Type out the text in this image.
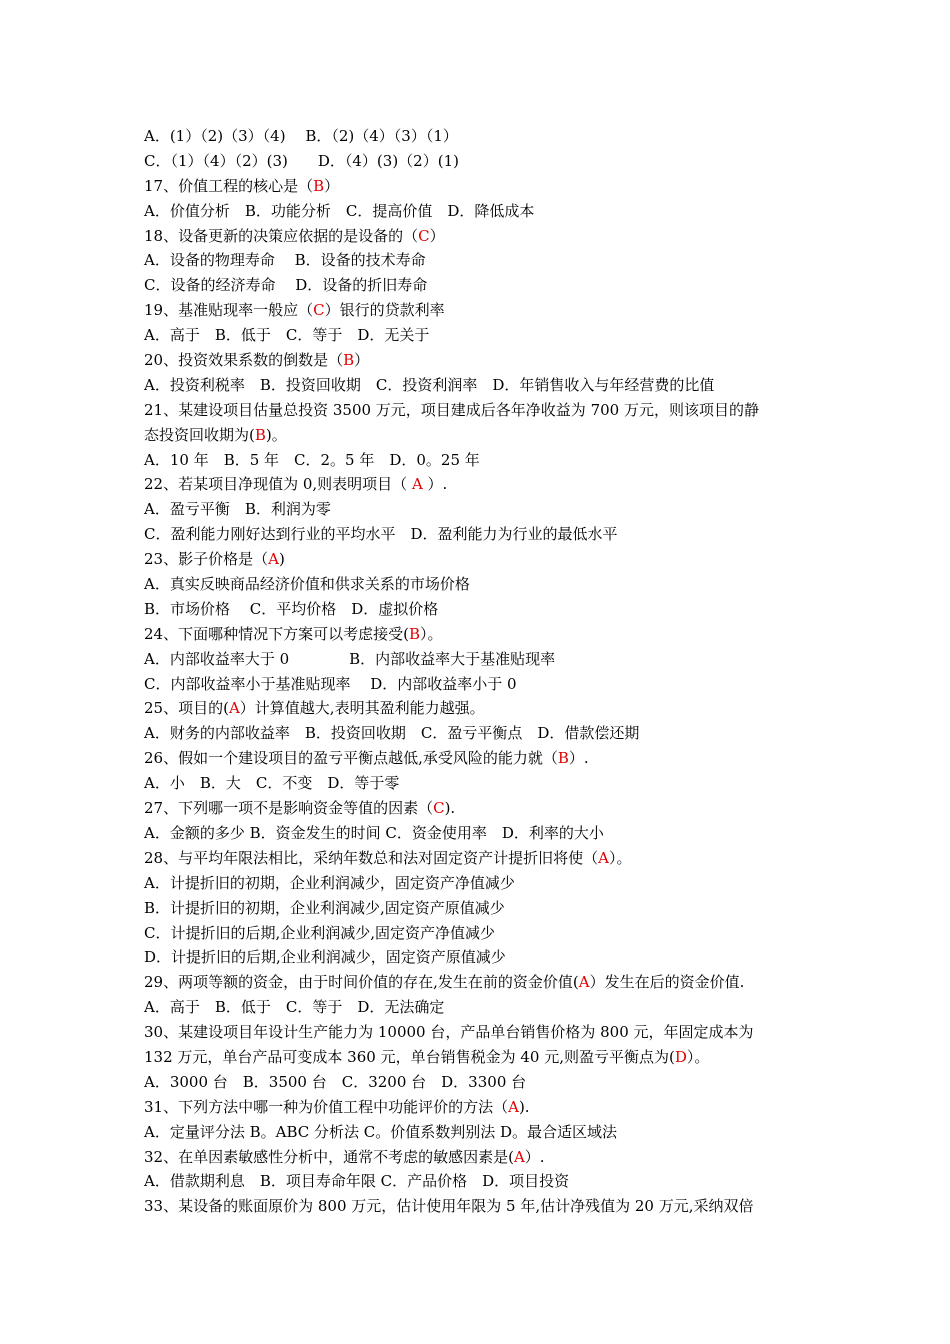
A．(1）（2)（3）（4)　 B．（2)（4）（3）（1）
C．（1）（4）（2）(3)　　D．（4）(3)（2）(1)
17、价值工程的核心是（B）
A．价值分析　B．功能分析　C．提高价值　D．降低成本
18、设备更新的决策应依据的是设备的（C）
A．设备的物理寿命　 B．设备的技术寿命
C．设备的经济寿命　 D．设备的折旧寿命
19、基准贴现率一般应（C）银行的贷款利率
A．高于　B．低于　C．等于　D．无关于
20、投资效果系数的倒数是（B）
A．投资利税率　B．投资回收期　C．投资利润率　D．年销售收入与年经营费的比值
21、某建设项目估量总投资 3500 万元，项目建成后各年净收益为 700 万元，则该项目的静
态投资回收期为(B)。
A．10 年　B．5 年　C．2。5 年　D．0。25 年
22、若某项目净现值为 0,则表明项目（ A ）.
A．盈亏平衡　B．利润为零
C．盈利能力刚好达到行业的平均水平　D．盈利能力为行业的最低水平
23、影子价格是（A)
A．真实反映商品经济价值和供求关系的市场价格
B．市场价格　 C．平均价格　D．虚拟价格
24、下面哪种情况下方案可以考虑接受(B）。
A．内部收益率大于 0　　　　B．内部收益率大于基准贴现率
C．内部收益率小于基准贴现率　 D．内部收益率小于 0
25、项目的(A）计算值越大,表明其盈利能力越强。
A．财务的内部收益率　B．投资回收期　C．盈亏平衡点　D．借款偿还期
26、假如一个建设项目的盈亏平衡点越低,承受风险的能力就（B）.
A．小　B．大　C．不变　D．等于零
27、下列哪一项不是影响资金等值的因素（C).
A．金额的多少 B．资金发生的时间 C．资金使用率　D．利率的大小
28、与平均年限法相比，采纳年数总和法对固定资产计提折旧将使（A）。
A．计提折旧的初期，企业利润减少，固定资产净值减少
B．计提折旧的初期，企业利润减少,固定资产原值减少
C．计提折旧的后期,企业利润减少,固定资产净值减少
D．计提折旧的后期,企业利润减少，固定资产原值减少
29、两项等额的资金，由于时间价值的存在,发生在前的资金价值(A）发生在后的资金价值.
A．高于　B．低于　C．等于　D．无法确定
30、某建设项目年设计生产能力为 10000 台，产品单台销售价格为 800 元，年固定成本为
132 万元，单台产品可变成本 360 元，单台销售税金为 40 元,则盈亏平衡点为(D）。
A．3000 台　B．3500 台　C．3200 台　D．3300 台
31、下列方法中哪一种为价值工程中功能评价的方法（A).
A．定量评分法 B。ABC 分析法 C。价值系数判别法 D。最合适区域法
32、在单因素敏感性分析中，通常不考虑的敏感因素是(A）.
A．借款期利息　B．项目寿命年限 C．产品价格　D．项目投资
33、某设备的账面原价为 800 万元，估计使用年限为 5 年,估计净残值为 20 万元,采纳双倍
